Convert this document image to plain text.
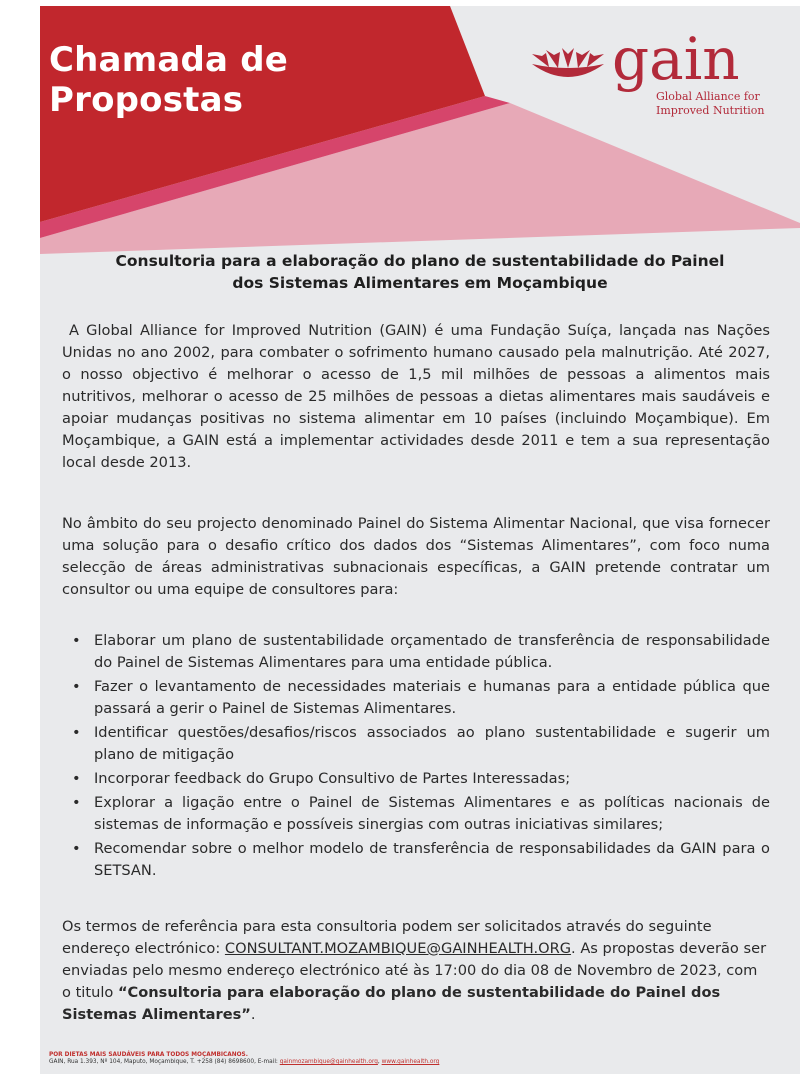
Chamada de
Propostas
gain
Global Alliance for
Improved Nutrition
Consultoria para a elaboração do plano de sustentabilidade do Painel
dos Sistemas Alimentares em Moçambique

A Global Alliance for Improved Nutrition (GAIN) é uma Fundação Suíça, lançada nas Nações Unidas no ano 2002, para combater o sofrimento humano causado pela malnutrição. Até 2027, o nosso objectivo é melhorar o acesso de 1,5 mil milhões de pessoas a alimentos mais nutritivos, melhorar o acesso de 25 milhões de pessoas a dietas alimentares mais saudáveis e apoiar mudanças positivas no sistema alimentar em 10 países (incluindo Moçambique). Em Moçambique, a GAIN está a implementar actividades desde 2011 e tem a sua representação local desde 2013.

No âmbito do seu projecto denominado Painel do Sistema Alimentar Nacional, que visa fornecer uma solução para o desafio crítico dos dados dos “Sistemas Alimentares”, com foco numa selecção de áreas administrativas subnacionais específicas, a GAIN pretende contratar um consultor ou uma equipe de consultores para:

• Elaborar um plano de sustentabilidade orçamentado de transferência de responsabilidade do Painel de Sistemas Alimentares para uma entidade pública.
• Fazer o levantamento de necessidades materiais e humanas para a entidade pública que passará a gerir o Painel de Sistemas Alimentares.
• Identificar questões/desafios/riscos associados ao plano sustentabilidade e sugerir um plano de mitigação
• Incorporar feedback do Grupo Consultivo de Partes Interessadas;
• Explorar a ligação entre o Painel de Sistemas Alimentares e as políticas nacionais de sistemas de informação e possíveis sinergias com outras iniciativas similares;
• Recomendar sobre o melhor modelo de transferência de responsabilidades da GAIN para o SETSAN.

Os termos de referência para esta consultoria podem ser solicitados através do seguinte endereço electrónico: CONSULTANT.MOZAMBIQUE@GAINHEALTH.ORG. As propostas deverão ser enviadas pelo mesmo endereço electrónico até às 17:00 do dia 08 de Novembro de 2023, com o titulo “Consultoria para elaboração do plano de sustentabilidade do Painel dos Sistemas Alimentares”.

POR DIETAS MAIS SAUDÁVEIS PARA TODOS MOÇAMBICANOS.
GAIN, Rua 1.393, Nº 104, Maputo, Moçambique, T. +258 (84) 8698600, E-mail: gainmozambique@gainhealth.org, www.gainhealth.org
